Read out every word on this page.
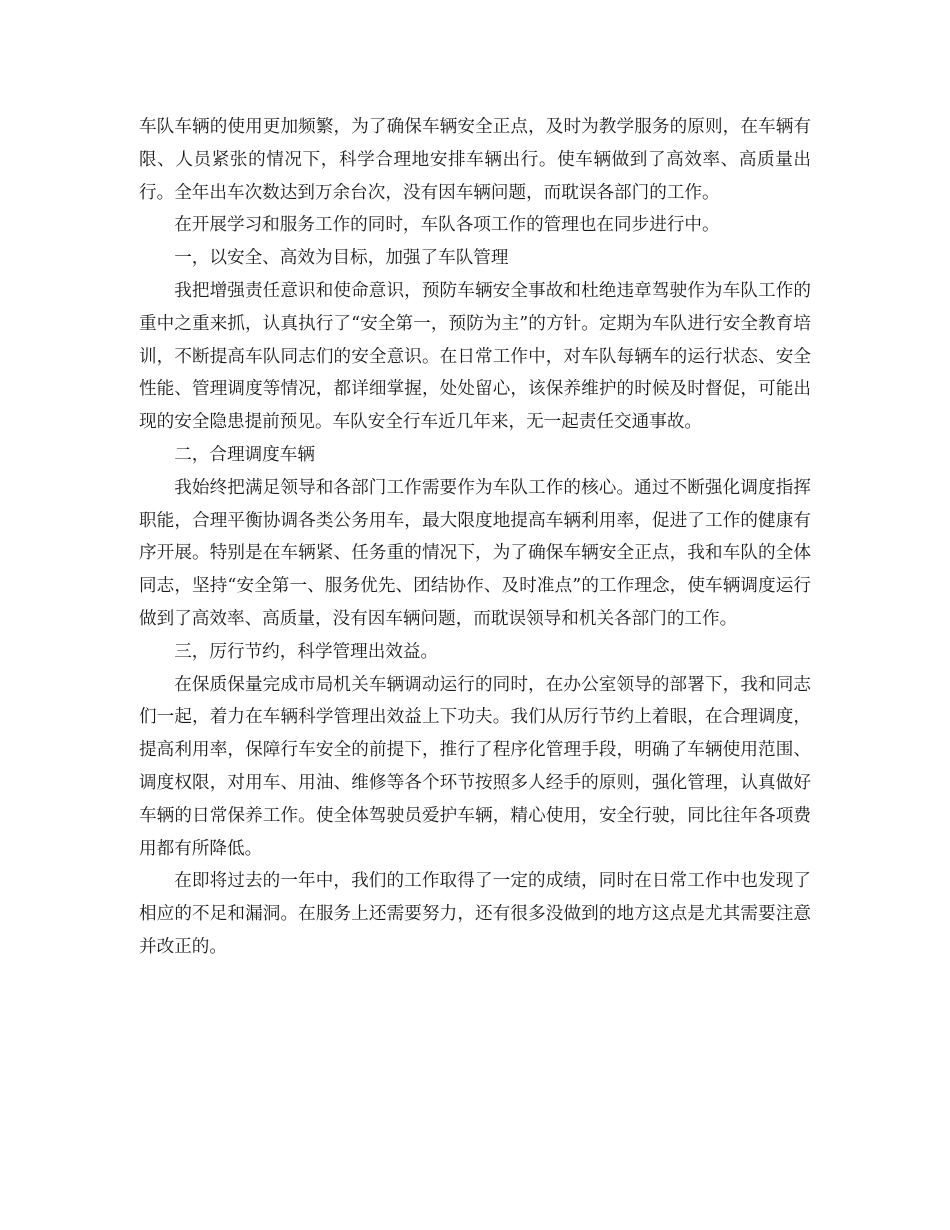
车队车辆的使用更加频繁，为了确保车辆安全正点，及时为教学服务的原则，在车辆有限、人员紧张的情况下，科学合理地安排车辆出行。使车辆做到了高效率、高质量出行。全年出车次数达到万余台次，没有因车辆问题，而耽误各部门的工作。

在开展学习和服务工作的同时，车队各项工作的管理也在同步进行中。

一，以安全、高效为目标，加强了车队管理

我把增强责任意识和使命意识，预防车辆安全事故和杜绝违章驾驶作为车队工作的重中之重来抓，认真执行了“安全第一，预防为主”的方针。定期为车队进行安全教育培训，不断提高车队同志们的安全意识。在日常工作中，对车队每辆车的运行状态、安全性能、管理调度等情况，都详细掌握，处处留心，该保养维护的时候及时督促，可能出现的安全隐患提前预见。车队安全行车近几年来，无一起责任交通事故。

二，合理调度车辆

我始终把满足领导和各部门工作需要作为车队工作的核心。通过不断强化调度指挥职能，合理平衡协调各类公务用车，最大限度地提高车辆利用率，促进了工作的健康有序开展。特别是在车辆紧、任务重的情况下，为了确保车辆安全正点，我和车队的全体同志，坚持“安全第一、服务优先、团结协作、及时准点”的工作理念，使车辆调度运行做到了高效率、高质量，没有因车辆问题，而耽误领导和机关各部门的工作。

三，厉行节约，科学管理出效益。

在保质保量完成市局机关车辆调动运行的同时，在办公室领导的部署下，我和同志们一起，着力在车辆科学管理出效益上下功夫。我们从厉行节约上着眼，在合理调度，提高利用率，保障行车安全的前提下，推行了程序化管理手段，明确了车辆使用范围、调度权限，对用车、用油、维修等各个环节按照多人经手的原则，强化管理，认真做好车辆的日常保养工作。使全体驾驶员爱护车辆，精心使用，安全行驶，同比往年各项费用都有所降低。

在即将过去的一年中，我们的工作取得了一定的成绩，同时在日常工作中也发现了相应的不足和漏洞。在服务上还需要努力，还有很多没做到的地方这点是尤其需要注意并改正的。
